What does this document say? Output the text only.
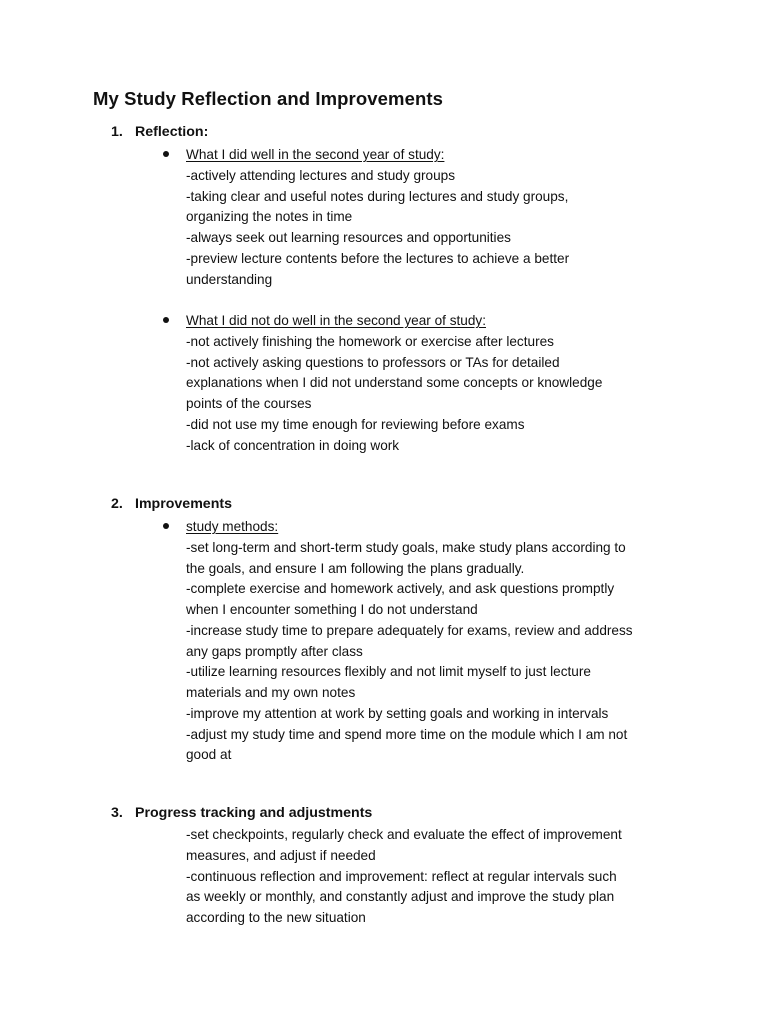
My Study Reflection and Improvements
1. Reflection:
What I did well in the second year of study:
-actively attending lectures and study groups
-taking clear and useful notes during lectures and study groups,
organizing the notes in time
-always seek out learning resources and opportunities
-preview lecture contents before the lectures to achieve a better
understanding
What I did not do well in the second year of study:
-not actively finishing the homework or exercise after lectures
-not actively asking questions to professors or TAs for detailed
explanations when I did not understand some concepts or knowledge
points of the courses
-did not use my time enough for reviewing before exams
-lack of concentration in doing work
2. Improvements
study methods:
-set long-term and short-term study goals, make study plans according to
the goals, and ensure I am following the plans gradually.
-complete exercise and homework actively, and ask questions promptly
when I encounter something I do not understand
-increase study time to prepare adequately for exams, review and address
any gaps promptly after class
-utilize learning resources flexibly and not limit myself to just lecture
materials and my own notes
-improve my attention at work by setting goals and working in intervals
-adjust my study time and spend more time on the module which I am not
good at
3. Progress tracking and adjustments
-set checkpoints, regularly check and evaluate the effect of improvement
measures, and adjust if needed
-continuous reflection and improvement: reflect at regular intervals such
as weekly or monthly, and constantly adjust and improve the study plan
according to the new situation
